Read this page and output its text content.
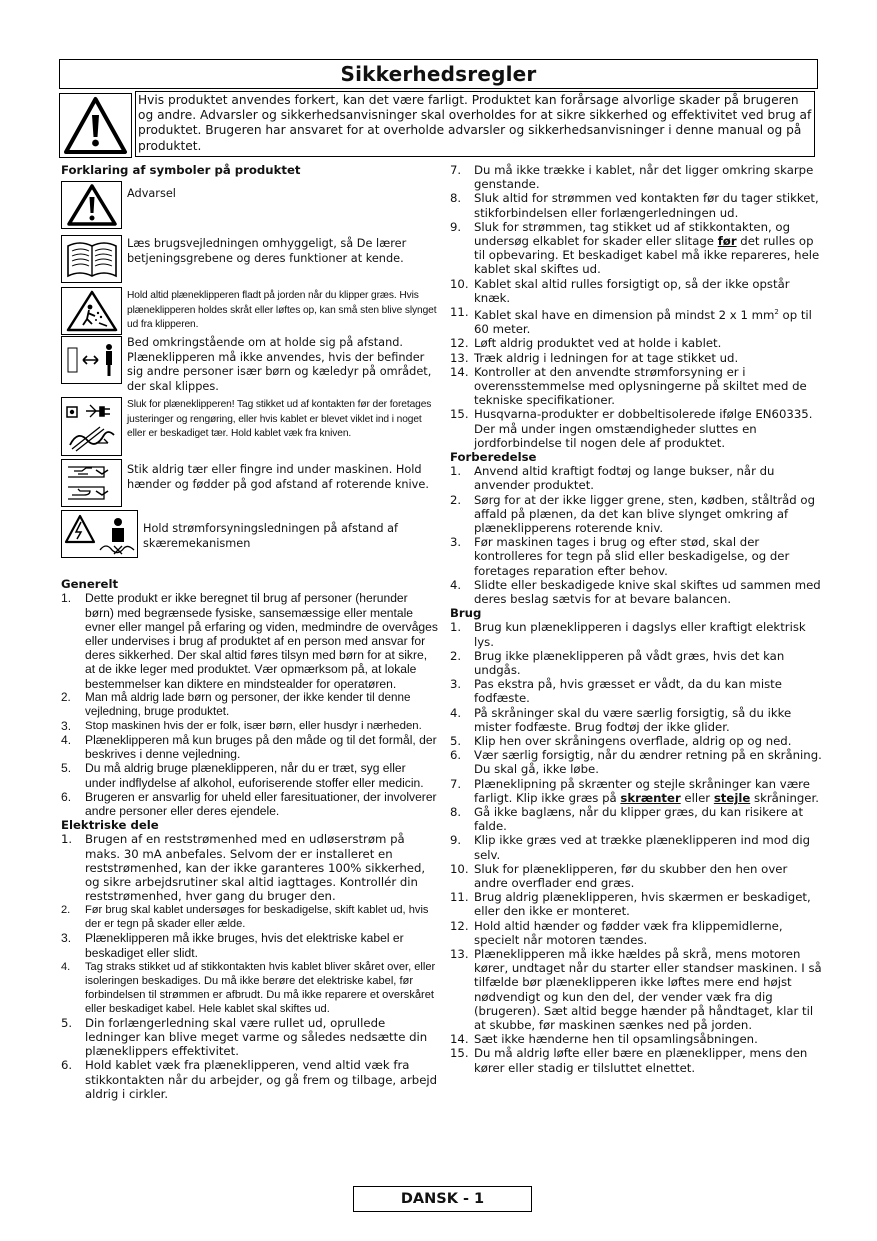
Sikkerhedsregler
Hvis produktet anvendes forkert, kan det være farligt. Produktet kan forårsage alvorlige skader på brugeren og andre. Advarsler og sikkerhedsanvisninger skal overholdes for at sikre sikkerhed og effektivitet ved brug af produktet. Brugeren har ansvaret for at overholde advarsler og sikkerhedsanvisninger i denne manual og på produktet.
Forklaring af symboler på produktet
Advarsel
Læs brugsvejledningen omhyggeligt, så De lærer betjeningsgrebene og deres funktioner at kende.
Hold altid plæneklipperen fladt på jorden når du klipper græs. Hvis plæneklipperen holdes skråt eller løftes op, kan små sten blive slynget ud fra klipperen.
Bed omkringstående om at holde sig på afstand. Plæneklipperen må ikke anvendes, hvis der befinder sig andre personer især børn og kæledyr på området, der skal klippes.
Sluk for plæneklipperen! Tag stikket ud af kontakten før der foretages justeringer og rengøring, eller hvis kablet er blevet viklet ind i noget eller er beskadiget tær. Hold kablet væk fra kniven.
Stik aldrig tær eller fingre ind under maskinen. Hold hænder og fødder på god afstand af roterende knive.
Hold strømforsyningsledningen på afstand af skæremekanismen
Generelt
1.	Dette produkt er ikke beregnet til brug af personer (herunder børn) med begrænsede fysiske, sansemæssige eller mentale evner eller mangel på erfaring og viden, medmindre de overvåges eller undervises i brug af produktet af en person med ansvar for deres sikkerhed. Der skal altid føres tilsyn med børn for at sikre, at de ikke leger med produktet. Vær opmærksom på, at lokale bestemmelser kan diktere en mindstealder for operatøren.
2.	Man må aldrig lade børn og personer, der ikke kender til denne vejledning, bruge produktet.
3.	Stop maskinen hvis der er folk, især børn, eller husdyr i nærheden.
4.	Plæneklipperen må kun bruges på den måde og til det formål, der beskrives i denne vejledning.
5.	Du må aldrig bruge plæneklipperen, når du er træt, syg eller under indflydelse af alkohol, euforiserende stoffer eller medicin.
6.	Brugeren er ansvarlig for uheld eller faresituationer, der involverer andre personer eller deres ejendele.
Elektriske dele
1.	Brugen af en reststrømenhed med en udløserstrøm på maks. 30 mA anbefales. Selvom der er installeret en reststrømenhed, kan der ikke garanteres 100% sikkerhed, og sikre arbejdsrutiner skal altid iagttages. Kontrollér din reststrømenhed, hver gang du bruger den.
2.	Før brug skal kablet undersøges for beskadigelse, skift kablet ud, hvis der er tegn på skader eller ælde.
3.	Plæneklipperen må ikke bruges, hvis det elektriske kabel er beskadiget eller slidt.
4.	Tag straks stikket ud af stikkontakten hvis kablet bliver skåret over, eller isoleringen beskadiges. Du må ikke berøre det elektriske kabel, før forbindelsen til strømmen er afbrudt. Du må ikke reparere et overskåret eller beskadiget kabel. Hele kablet skal skiftes ud.
5.	Din forlængerledning skal være rullet ud, oprullede ledninger kan blive meget varme og således nedsætte din plæneklippers effektivitet.
6.	Hold kablet væk fra plæneklipperen, vend altid væk fra stikkontakten når du arbejder, og gå frem og tilbage, arbejd aldrig i cirkler.
7.	Du må ikke trække i kablet, når det ligger omkring skarpe genstande.
8.	Sluk altid for strømmen ved kontakten før du tager stikket, stikforbindelsen eller forlængerledningen ud.
9.	Sluk for strømmen, tag stikket ud af stikkontakten, og undersøg elkablet for skader eller slitage før det rulles op til opbevaring. Et beskadiget kabel må ikke repareres, hele kablet skal skiftes ud.
10. Kablet skal altid rulles forsigtigt op, så der ikke opstår knæk.
11. Kablet skal have en dimension på mindst 2 x 1 $mm^2$ op til 60 meter.
12. Løft aldrig produktet ved at holde i kablet.
13. Træk aldrig i ledningen for at tage stikket ud.
14. Kontroller at den anvendte strømforsyning er i overensstemmelse med oplysningerne på skiltet med de tekniske specifikationer.
15. Husqvarna-produkter er dobbeltisolerede ifølge EN60335. Der må under ingen omstændigheder sluttes en jordforbindelse til nogen dele af produktet.
Forberedelse
1.	Anvend altid kraftigt fodtøj og lange bukser, når du anvender produktet.
2.	Sørg for at der ikke ligger grene, sten, kødben, ståltråd og affald på plænen, da det kan blive slynget omkring af plæneklipperens roterende kniv.
3.	Før maskinen tages i brug og efter stød, skal der kontrolleres for tegn på slid eller beskadigelse, og der foretages reparation efter behov.
4.	Slidte eller beskadigede knive skal skiftes ud sammen med deres beslag sætvis for at bevare balancen.
Brug
1.	Brug kun plæneklipperen i dagslys eller kraftigt elektrisk lys.
2.	Brug ikke plæneklipperen på vådt græs, hvis det kan undgås.
3.	Pas ekstra på, hvis græsset er vådt, da du kan miste fodfæste.
4.	På skråninger skal du være særlig forsigtig, så du ikke mister fodfæste. Brug fodtøj der ikke glider.
5.	Klip hen over skråningens overflade, aldrig op og ned.
6.	Vær særlig forsigtig, når du ændrer retning på en skråning. Du skal gå, ikke løbe.
7.	Plæneklipning på skrænter og stejle skråninger kan være farligt. Klip ikke græs på skrænter eller stejle skråninger.
8.	Gå ikke baglæns, når du klipper græs, du kan risikere at falde.
9.	Klip ikke græs ved at trække plæneklipperen ind mod dig selv.
10. Sluk for plæneklipperen, før du skubber den hen over andre overflader end græs.
11. Brug aldrig plæneklipperen, hvis skærmen er beskadiget, eller den ikke er monteret.
12. Hold altid hænder og fødder væk fra klippemidlerne, specielt når motoren tændes.
13. Plæneklipperen må ikke hældes på skrå, mens motoren kører, undtaget når du starter eller standser maskinen. I så tilfælde bør plæneklipperen ikke løftes mere end højst nødvendigt og kun den del, der vender væk fra dig (brugeren). Sæt altid begge hænder på håndtaget, klar til at skubbe, før maskinen sænkes ned på jorden.
14. Sæt ikke hænderne hen til opsamlingsåbningen.
15. Du må aldrig løfte eller bære en plæneklipper, mens den kører eller stadig er tilsluttet elnettet.
DANSK - 1
